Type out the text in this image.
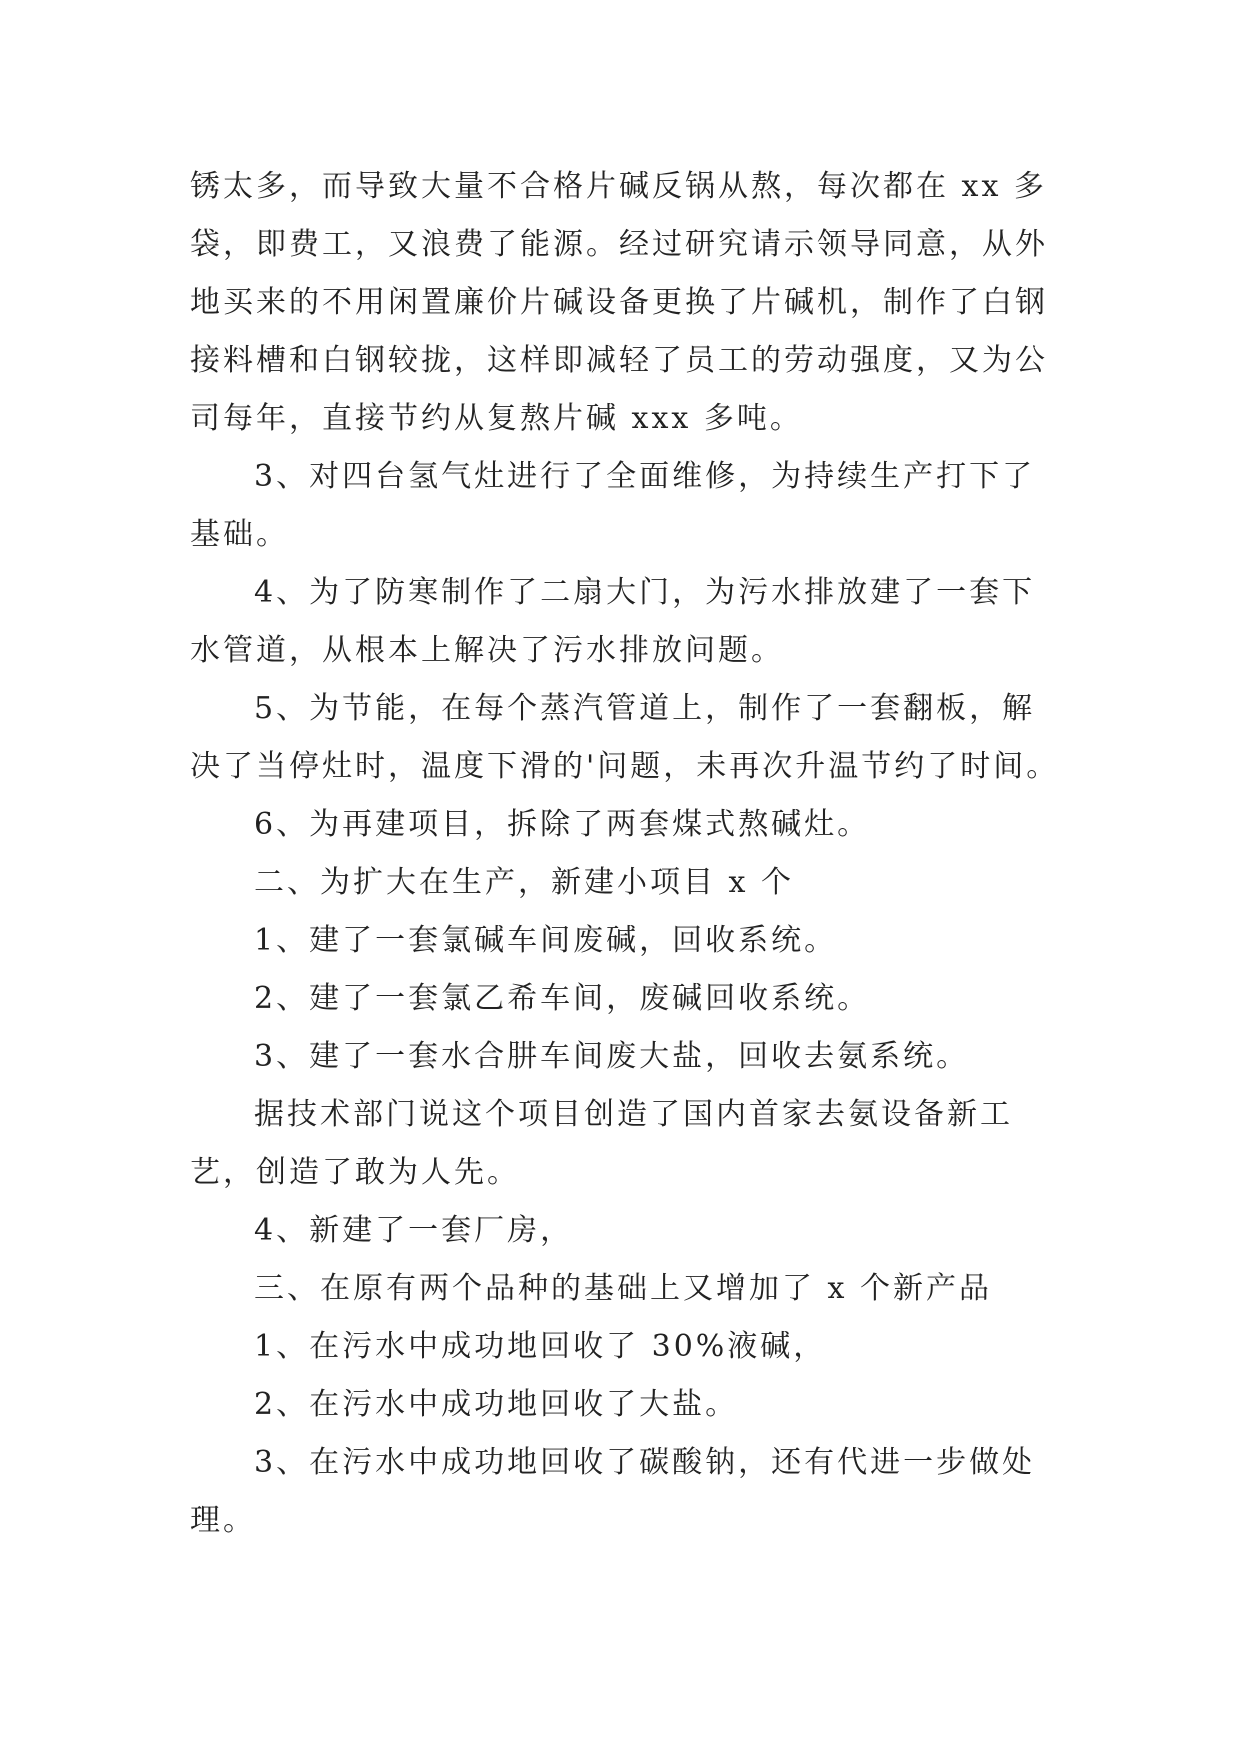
锈太多，而导致大量不合格片碱反锅从熬，每次都在 xx 多

袋，即费工，又浪费了能源。经过研究请示领导同意，从外

地买来的不用闲置廉价片碱设备更换了片碱机，制作了白钢

接料槽和白钢较拢，这样即减轻了员工的劳动强度，又为公

司每年，直接节约从复熬片碱 xxx 多吨。

3、对四台氢气灶进行了全面维修，为持续生产打下了

基础。

4、为了防寒制作了二扇大门，为污水排放建了一套下

水管道，从根本上解决了污水排放问题。

5、为节能，在每个蒸汽管道上，制作了一套翻板，解

决了当停灶时，温度下滑的'问题，未再次升温节约了时间。

6、为再建项目，拆除了两套煤式熬碱灶。

二、为扩大在生产，新建小项目 x 个

1、建了一套氯碱车间废碱，回收系统。

2、建了一套氯乙希车间，废碱回收系统。

3、建了一套水合肼车间废大盐，回收去氨系统。

据技术部门说这个项目创造了国内首家去氨设备新工

艺，创造了敢为人先。

4、新建了一套厂房，

三、在原有两个品种的基础上又增加了 x 个新产品

1、在污水中成功地回收了 30%液碱，

2、在污水中成功地回收了大盐。

3、在污水中成功地回收了碳酸钠，还有代进一步做处

理。
